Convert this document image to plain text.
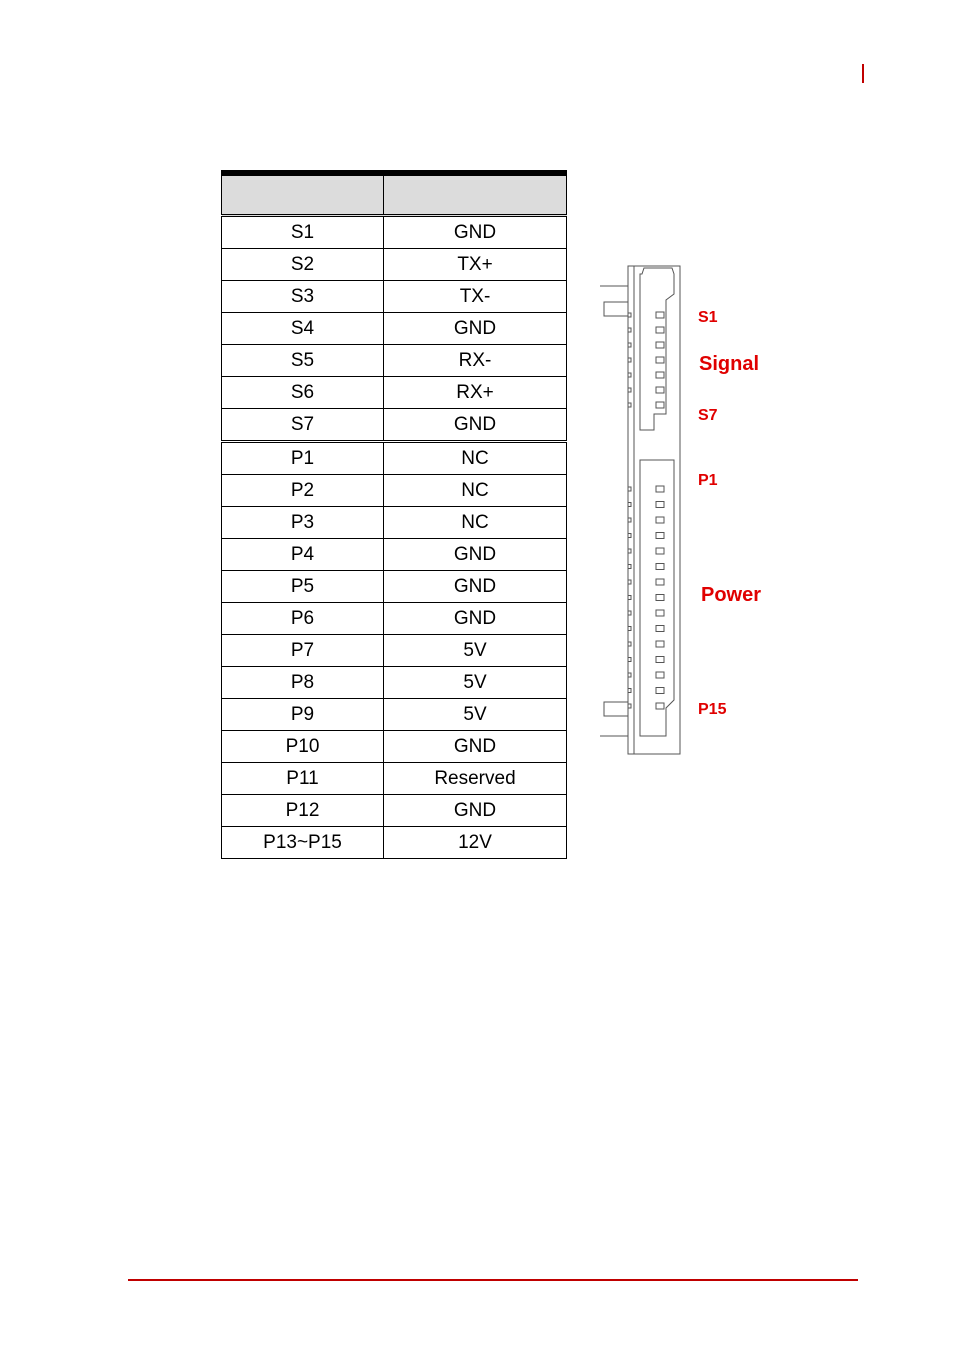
S1	GND
S2	TX+
S3	TX-
S4	GND
S5	RX-
S6	RX+
S7	GND
P1	NC
P2	NC
P3	NC
P4	GND
P5	GND
P6	GND
P7	5V
P8	5V
P9	5V
P10	GND
P11	Reserved
P12	GND
P13~P15	12V
S1
Signal
S7
P1
Power
P15
